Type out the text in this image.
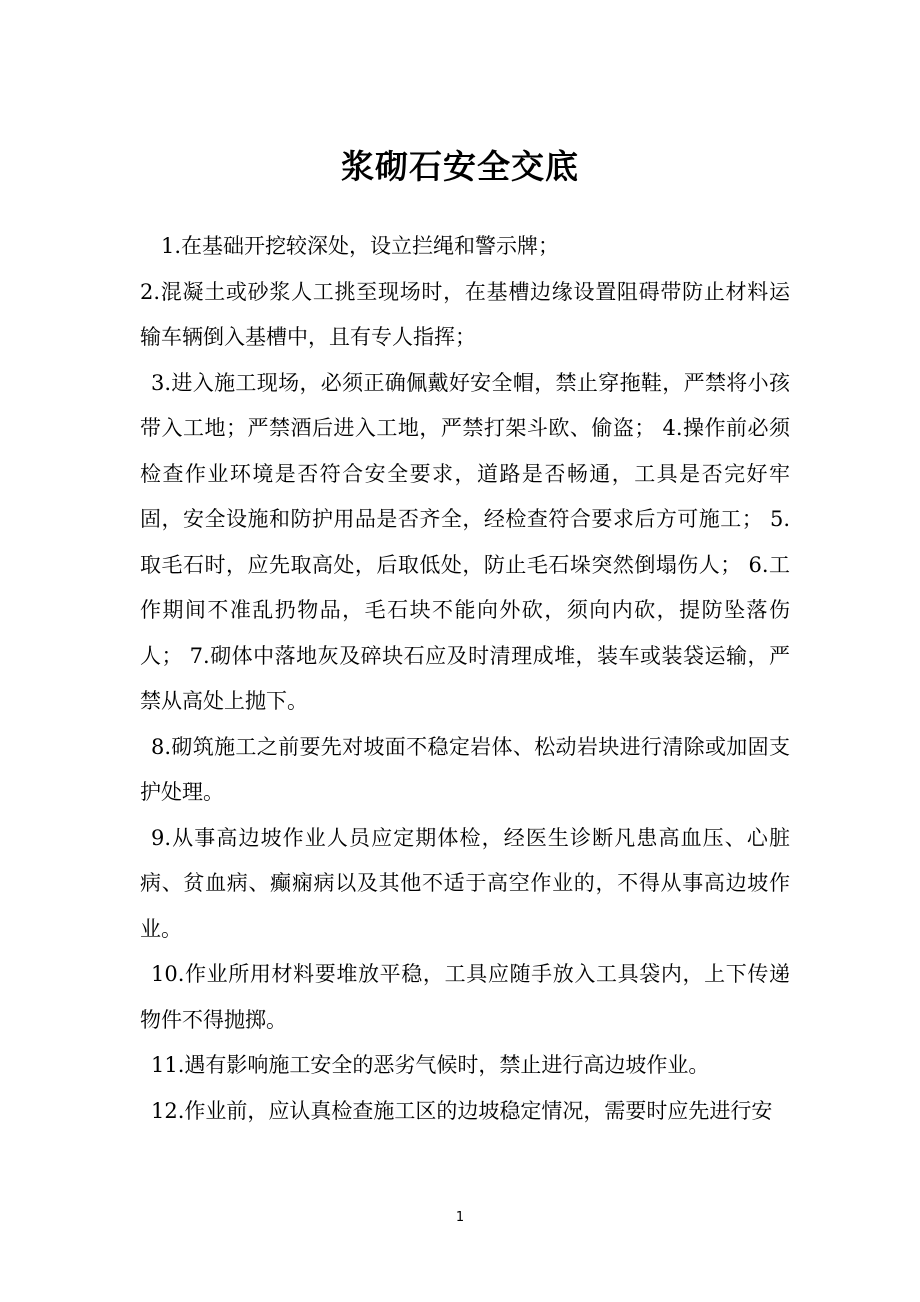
浆砌石安全交底

1.在基础开挖较深处，设立拦绳和警示牌；

2.混凝土或砂浆人工挑至现场时，在基槽边缘设置阻碍带防止材料运输车辆倒入基槽中，且有专人指挥；

3.进入施工现场，必须正确佩戴好安全帽，禁止穿拖鞋，严禁将小孩带入工地；严禁酒后进入工地，严禁打架斗欧、偷盗； 4.操作前必须检查作业环境是否符合安全要求，道路是否畅通，工具是否完好牢固，安全设施和防护用品是否齐全，经检查符合要求后方可施工； 5.取毛石时，应先取高处，后取低处，防止毛石垛突然倒塌伤人； 6.工作期间不准乱扔物品，毛石块不能向外砍，须向内砍，提防坠落伤人； 7.砌体中落地灰及碎块石应及时清理成堆，装车或装袋运输，严禁从高处上抛下。

8.砌筑施工之前要先对坡面不稳定岩体、松动岩块进行清除或加固支护处理。

9.从事高边坡作业人员应定期体检，经医生诊断凡患高血压、心脏病、贫血病、癫痫病以及其他不适于高空作业的，不得从事高边坡作业。

10.作业所用材料要堆放平稳，工具应随手放入工具袋内，上下传递物件不得抛掷。

11.遇有影响施工安全的恶劣气候时，禁止进行高边坡作业。

12.作业前，应认真检查施工区的边坡稳定情况，需要时应先进行安

1
